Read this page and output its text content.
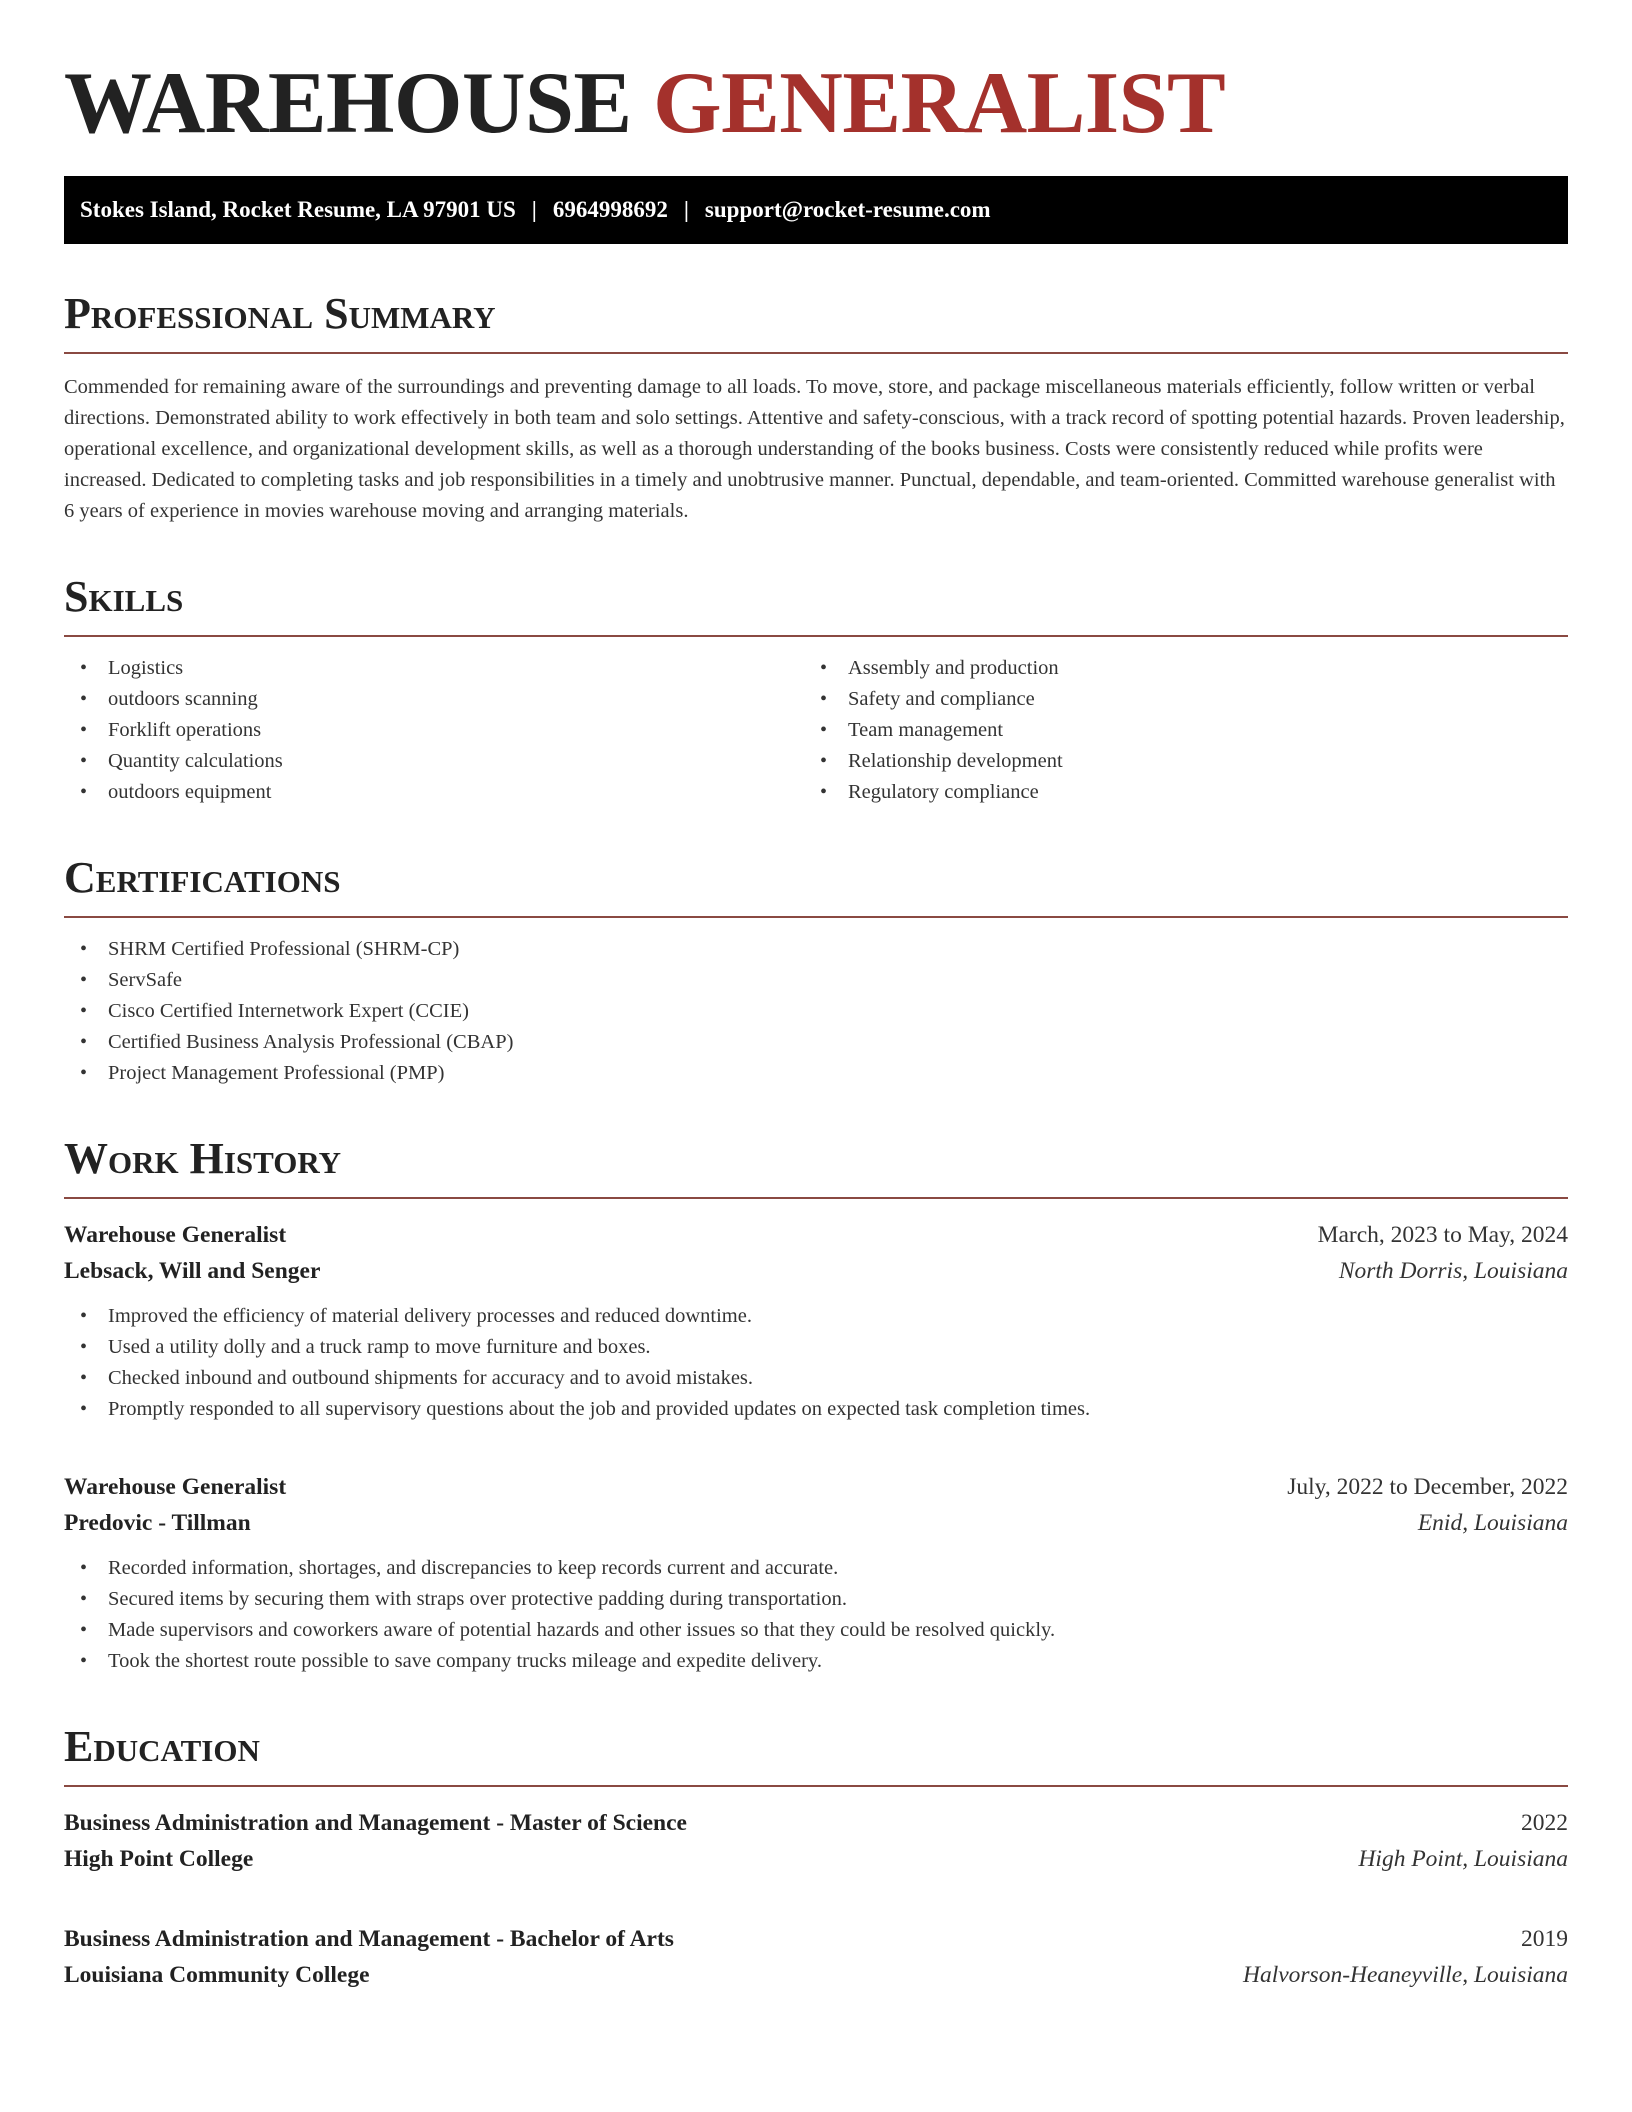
WAREHOUSE GENERALIST
Stokes Island, Rocket Resume, LA 97901 US | 6964998692 | support@rocket-resume.com
Professional Summary

Commended for remaining aware of the surroundings and preventing damage to all loads. To move, store, and package miscellaneous materials efficiently, follow written or verbal directions. Demonstrated ability to work effectively in both team and solo settings. Attentive and safety-conscious, with a track record of spotting potential hazards. Proven leadership, operational excellence, and organizational development skills, as well as a thorough understanding of the books business. Costs were consistently reduced while profits were increased. Dedicated to completing tasks and job responsibilities in a timely and unobtrusive manner. Punctual, dependable, and team-oriented. Committed warehouse generalist with 6 years of experience in movies warehouse moving and arranging materials.

Skills
• Logistics
• outdoors scanning
• Forklift operations
• Quantity calculations
• outdoors equipment
• Assembly and production
• Safety and compliance
• Team management
• Relationship development
• Regulatory compliance
Certifications
• SHRM Certified Professional (SHRM-CP)
• ServSafe
• Cisco Certified Internetwork Expert (CCIE)
• Certified Business Analysis Professional (CBAP)
• Project Management Professional (PMP)
Work History
Warehouse Generalist	March, 2023 to May, 2024
Lebsack, Will and Senger	North Dorris, Louisiana
• Improved the efficiency of material delivery processes and reduced downtime.
• Used a utility dolly and a truck ramp to move furniture and boxes.
• Checked inbound and outbound shipments for accuracy and to avoid mistakes.
• Promptly responded to all supervisory questions about the job and provided updates on expected task completion times.
Warehouse Generalist	July, 2022 to December, 2022
Predovic - Tillman	Enid, Louisiana
• Recorded information, shortages, and discrepancies to keep records current and accurate.
• Secured items by securing them with straps over protective padding during transportation.
• Made supervisors and coworkers aware of potential hazards and other issues so that they could be resolved quickly.
• Took the shortest route possible to save company trucks mileage and expedite delivery.
Education
Business Administration and Management - Master of Science	2022
High Point College	High Point, Louisiana
Business Administration and Management - Bachelor of Arts	2019
Louisiana Community College	Halvorson-Heaneyville, Louisiana
